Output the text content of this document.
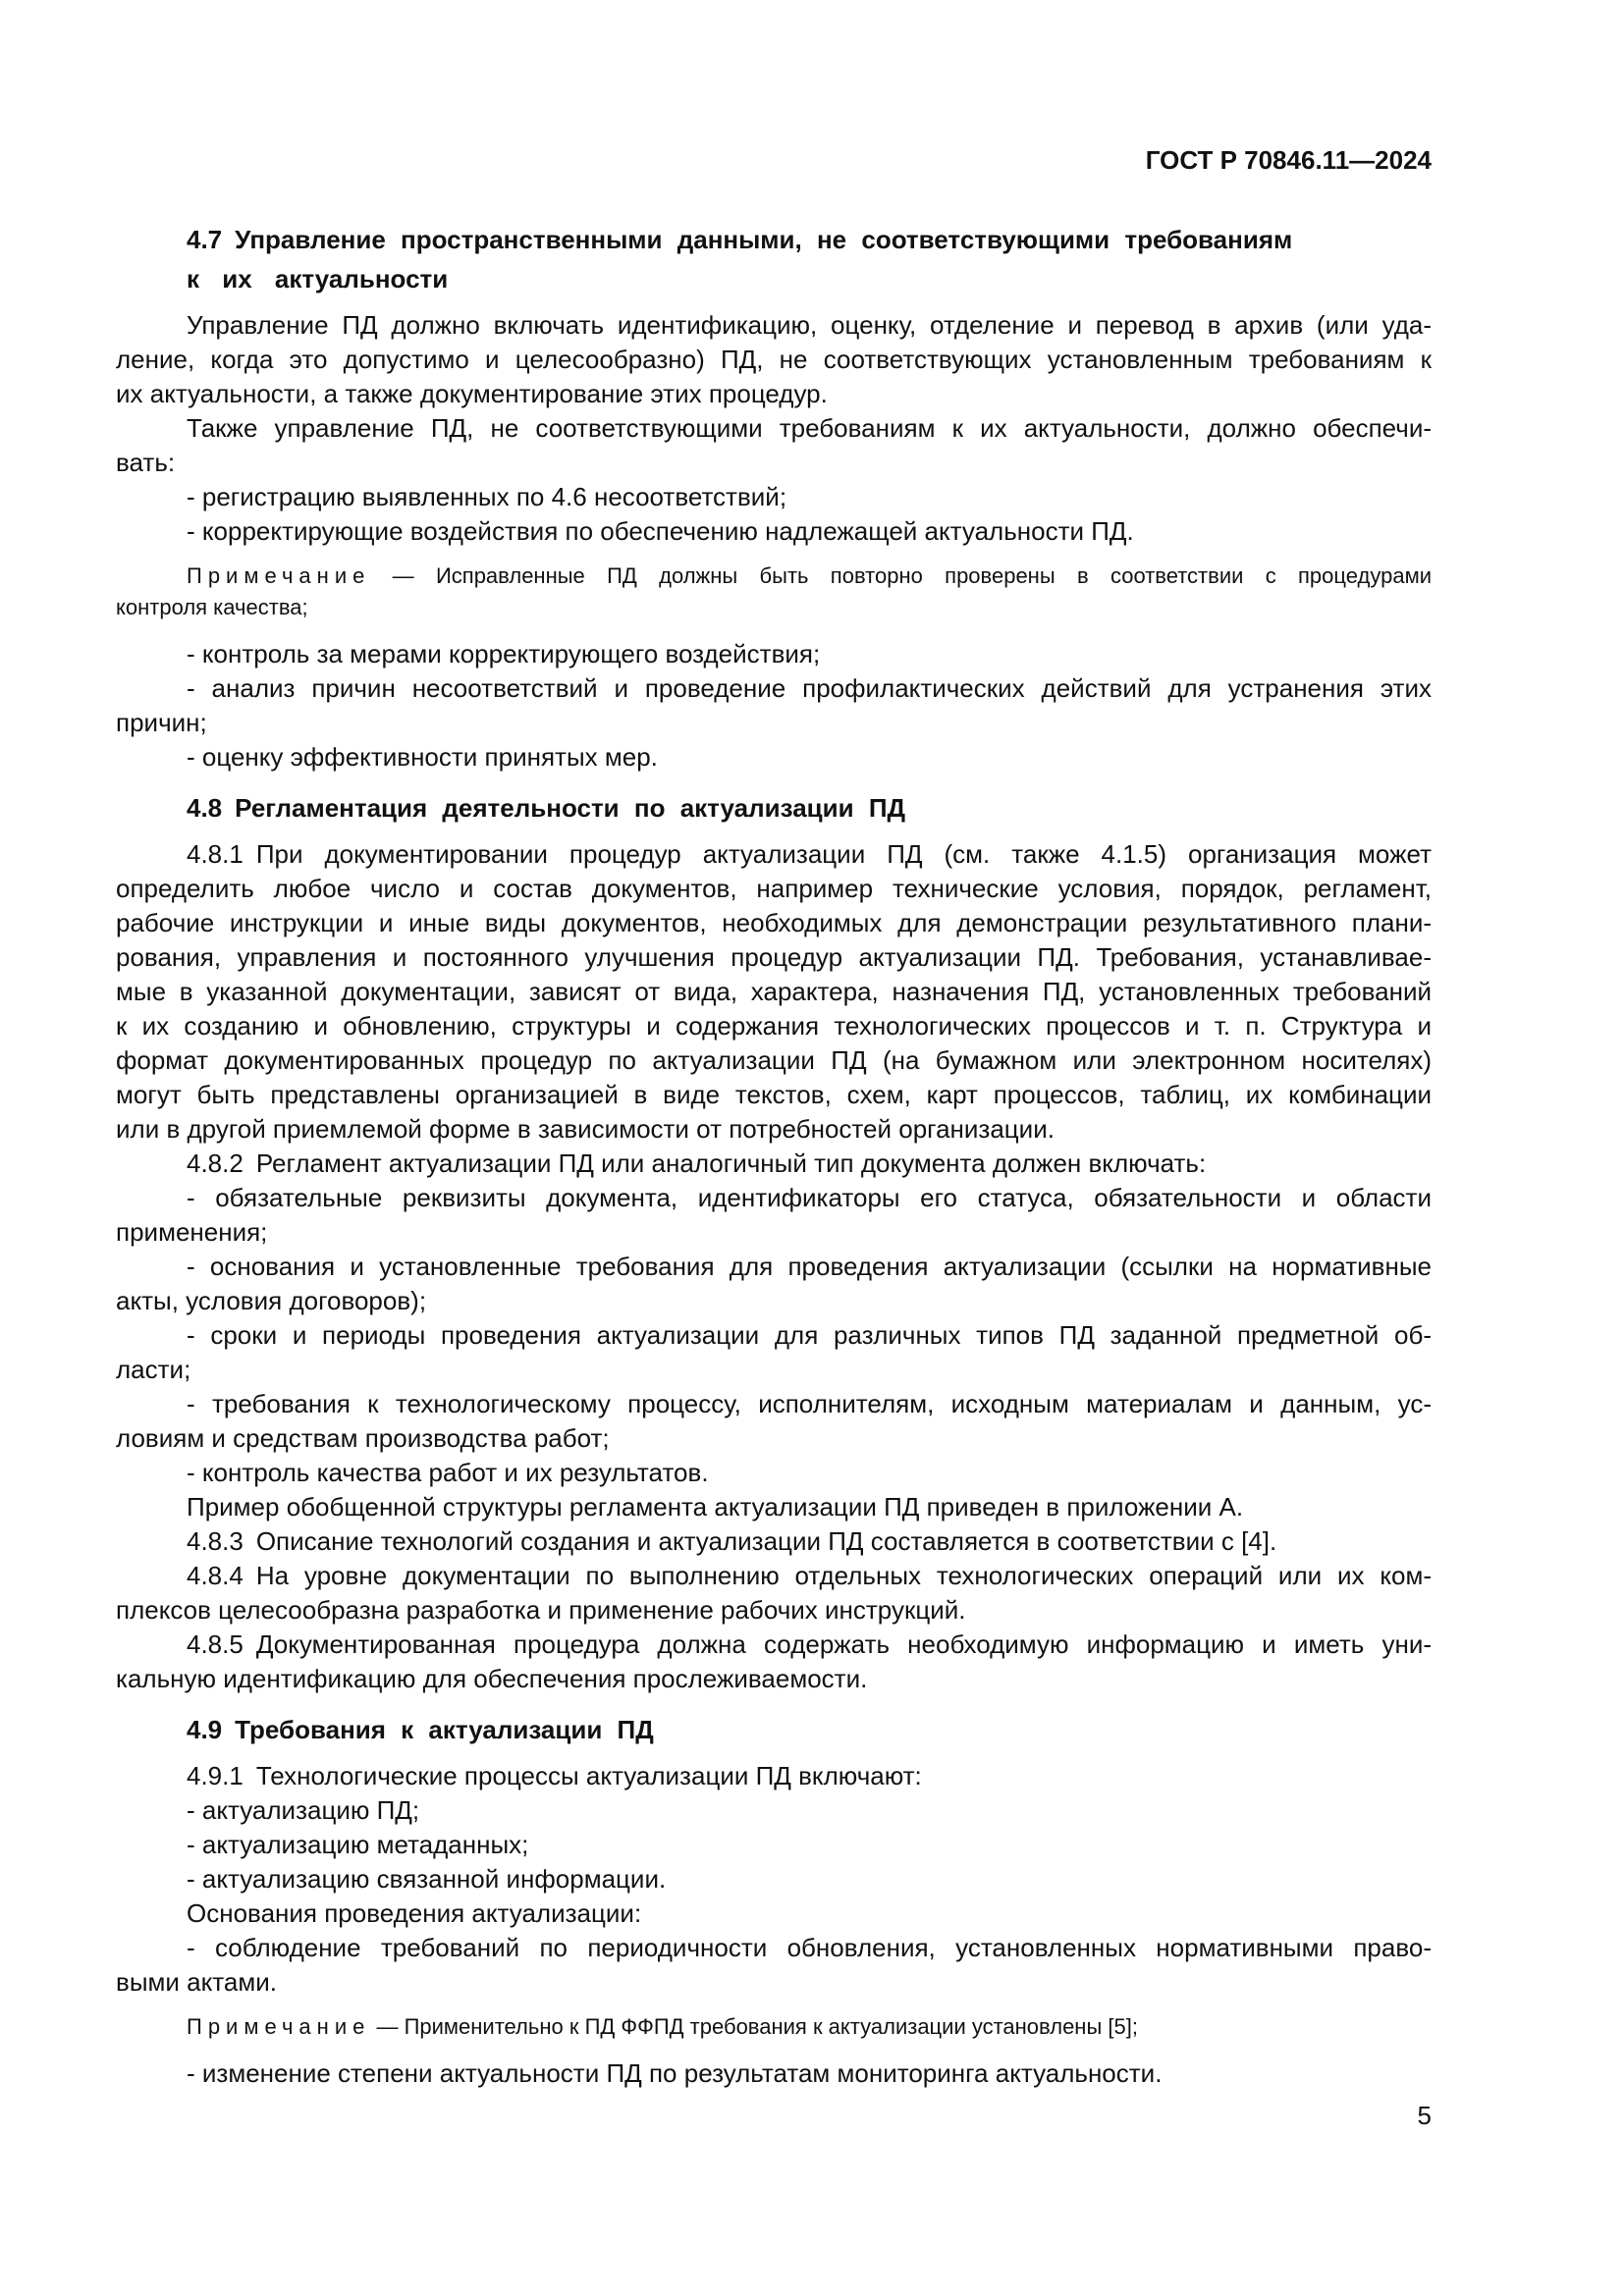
ГОСТ Р 70846.11—2024
4.7 Управление пространственными данными, не соответствующими требованиям
к их актуальности
Управление ПД должно включать идентификацию, оценку, отделение и перевод в архив (или уда-
ление, когда это допустимо и целесообразно) ПД, не соответствующих установленным требованиям к
их актуальности, а также документирование этих процедур.
Также управление ПД, не соответствующими требованиям к их актуальности, должно обеспечи-
вать:
- регистрацию выявленных по 4.6 несоответствий;
- корректирующие воздействия по обеспечению надлежащей актуальности ПД.
Примечание — Исправленные ПД должны быть повторно проверены в соответствии с процедурами
контроля качества;
- контроль за мерами корректирующего воздействия;
- анализ причин несоответствий и проведение профилактических действий для устранения этих
причин;
- оценку эффективности принятых мер.
4.8 Регламентация деятельности по актуализации ПД
4.8.1 При документировании процедур актуализации ПД (см. также 4.1.5) организация может
определить любое число и состав документов, например технические условия, порядок, регламент,
рабочие инструкции и иные виды документов, необходимых для демонстрации результативного плани-
рования, управления и постоянного улучшения процедур актуализации ПД. Требования, устанавливае-
мые в указанной документации, зависят от вида, характера, назначения ПД, установленных требований
к их созданию и обновлению, структуры и содержания технологических процессов и т. п. Структура и
формат документированных процедур по актуализации ПД (на бумажном или электронном носителях)
могут быть представлены организацией в виде текстов, схем, карт процессов, таблиц, их комбинации
или в другой приемлемой форме в зависимости от потребностей организации.
4.8.2 Регламент актуализации ПД или аналогичный тип документа должен включать:
- обязательные реквизиты документа, идентификаторы его статуса, обязательности и области
применения;
- основания и установленные требования для проведения актуализации (ссылки на нормативные
акты, условия договоров);
- сроки и периоды проведения актуализации для различных типов ПД заданной предметной об-
ласти;
- требования к технологическому процессу, исполнителям, исходным материалам и данным, ус-
ловиям и средствам производства работ;
- контроль качества работ и их результатов.
Пример обобщенной структуры регламента актуализации ПД приведен в приложении А.
4.8.3 Описание технологий создания и актуализации ПД составляется в соответствии с [4].
4.8.4 На уровне документации по выполнению отдельных технологических операций или их ком-
плексов целесообразна разработка и применение рабочих инструкций.
4.8.5 Документированная процедура должна содержать необходимую информацию и иметь уни-
кальную идентификацию для обеспечения прослеживаемости.
4.9 Требования к актуализации ПД
4.9.1 Технологические процессы актуализации ПД включают:
- актуализацию ПД;
- актуализацию метаданных;
- актуализацию связанной информации.
Основания проведения актуализации:
- соблюдение требований по периодичности обновления, установленных нормативными право-
выми актами.
Примечание — Применительно к ПД ФФПД требования к актуализации установлены [5];
- изменение степени актуальности ПД по результатам мониторинга актуальности.
5
